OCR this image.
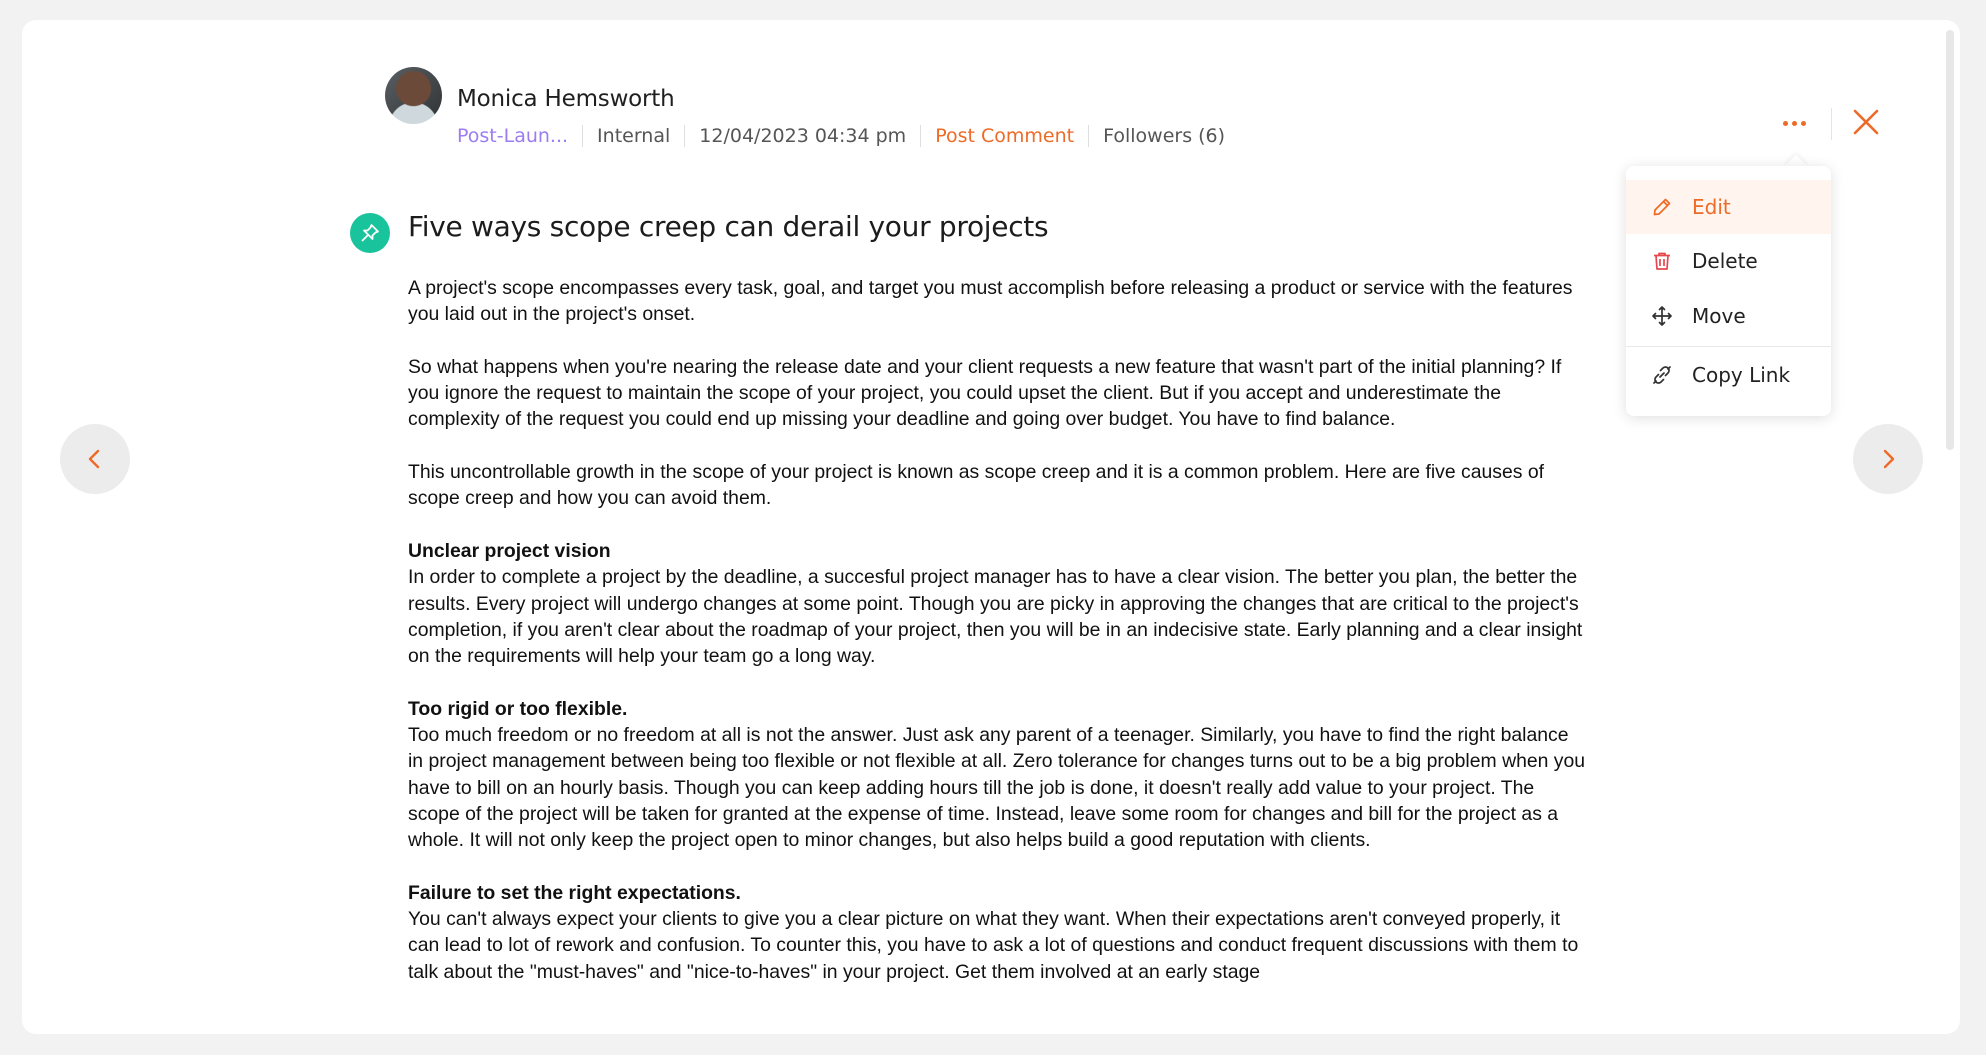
Monica Hemsworth
Post-Laun... Internal 12/04/2023 04:34 pm Post Comment Followers (6)
Edit
Delete
Move
Copy Link
Five ways scope creep can derail your projects

A project's scope encompasses every task, goal, and target you must accomplish before releasing a product or service with the features you laid out in the project's onset.

So what happens when you're nearing the release date and your client requests a new feature that wasn't part of the initial planning? If you ignore the request to maintain the scope of your project, you could upset the client. But if you accept and underestimate the complexity of the request you could end up missing your deadline and going over budget. You have to find balance.

This uncontrollable growth in the scope of your project is known as scope creep and it is a common problem. Here are five causes of scope creep and how you can avoid them.

Unclear project vision

In order to complete a project by the deadline, a succesful project manager has to have a clear vision. The better you plan, the better the results. Every project will undergo changes at some point. Though you are picky in approving the changes that are critical to the project's completion, if you aren't clear about the roadmap of your project, then you will be in an indecisive state. Early planning and a clear insight on the requirements will help your team go a long way.

Too rigid or too flexible.

Too much freedom or no freedom at all is not the answer. Just ask any parent of a teenager. Similarly, you have to find the right balance in project management between being too flexible or not flexible at all. Zero tolerance for changes turns out to be a big problem when you have to bill on an hourly basis. Though you can keep adding hours till the job is done, it doesn't really add value to your project. The scope of the project will be taken for granted at the expense of time. Instead, leave some room for changes and bill for the project as a whole. It will not only keep the project open to minor changes, but also helps build a good reputation with clients.

Failure to set the right expectations.

You can't always expect your clients to give you a clear picture on what they want. When their expectations aren't conveyed properly, it can lead to lot of rework and confusion. To counter this, you have to ask a lot of questions and conduct frequent discussions with them to talk about the "must-haves" and "nice-to-haves" in your project. Get them involved at an early stage
